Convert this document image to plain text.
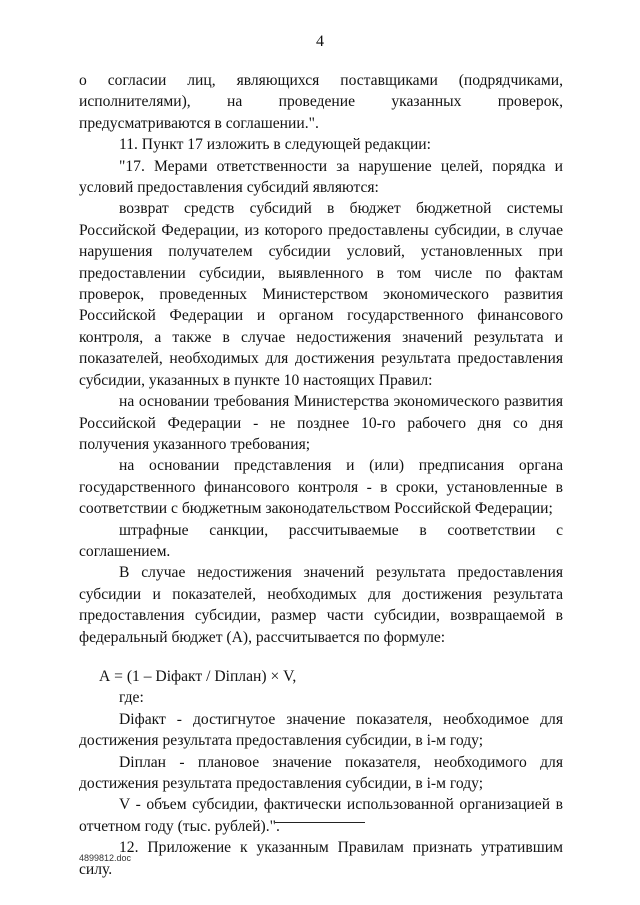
4

о согласии лиц, являющихся поставщиками (подрядчиками, исполнителями), на проведение указанных проверок, предусматриваются в соглашении.".

11. Пункт 17 изложить в следующей редакции:

"17. Мерами ответственности за нарушение целей, порядка и условий предоставления субсидий являются:

возврат средств субсидий в бюджет бюджетной системы Российской Федерации, из которого предоставлены субсидии, в случае нарушения получателем субсидии условий, установленных при предоставлении субсидии, выявленного в том числе по фактам проверок, проведенных Министерством экономического развития Российской Федерации и органом государственного финансового контроля, а также в случае недостижения значений результата и показателей, необходимых для достижения результата предоставления субсидии, указанных в пункте 10 настоящих Правил:

на основании требования Министерства экономического развития Российской Федерации - не позднее 10-го рабочего дня со дня получения указанного требования;

на основании представления и (или) предписания органа государственного финансового контроля - в сроки, установленные в соответствии с бюджетным законодательством Российской Федерации;

штрафные санкции, рассчитываемые в соответствии с соглашением.

В случае недостижения значений результата предоставления субсидии и показателей, необходимых для достижения результата предоставления субсидии, размер части субсидии, возвращаемой в федеральный бюджет (А), рассчитывается по формуле:

А = (1 – Diфакт / Diплан) × V,

где:

Diфакт - достигнутое значение показателя, необходимое для достижения результата предоставления субсидии, в i-м году;

Diплан - плановое значение показателя, необходимого для достижения результата предоставления субсидии, в i-м году;

V - объем субсидии, фактически использованной организацией в отчетном году (тыс. рублей).".

12. Приложение к указанным Правилам признать утратившим силу.

4899812.doc
